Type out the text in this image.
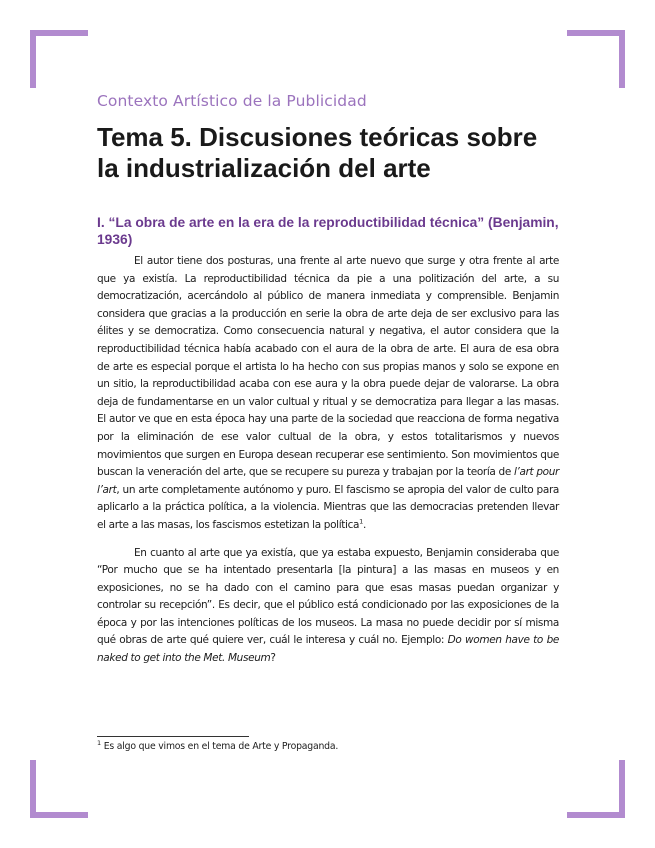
Contexto Artístico de la Publicidad

Tema 5. Discusiones teóricas sobre la industrialización del arte
I. “La obra de arte en la era de la reproductibilidad técnica” (Benjamin, 1936)

El autor tiene dos posturas, una frente al arte nuevo que surge y otra frente al arte que ya existía. La reproductibilidad técnica da pie a una politización del arte, a su democratización, acercándolo al público de manera inmediata y comprensible. Benjamin considera que gracias a la producción en serie la obra de arte deja de ser exclusivo para las élites y se democratiza. Como consecuencia natural y negativa, el autor considera que la reproductibilidad técnica había acabado con el aura de la obra de arte. El aura de esa obra de arte es especial porque el artista lo ha hecho con sus propias manos y solo se expone en un sitio, la reproductibilidad acaba con ese aura y la obra puede dejar de valorarse. La obra deja de fundamentarse en un valor cultual y ritual y se democratiza para llegar a las masas. El autor ve que en esta época hay una parte de la sociedad que reacciona de forma negativa por la eliminación de ese valor cultual de la obra, y estos totalitarismos y nuevos movimientos que surgen en Europa desean recuperar ese sentimiento. Son movimientos que buscan la veneración del arte, que se recupere su pureza y trabajan por la teoría de l’art pour l’art, un arte completamente autónomo y puro. El fascismo se apropia del valor de culto para aplicarlo a la práctica política, a la violencia. Mientras que las democracias pretenden llevar el arte a las masas, los fascismos estetizan la política$^1$.

En cuanto al arte que ya existía, que ya estaba expuesto, Benjamin consideraba que “Por mucho que se ha intentado presentarla [la pintura] a las masas en museos y en exposiciones, no se ha dado con el camino para que esas masas puedan organizar y controlar su recepción”. Es decir, que el público está condicionado por las exposiciones de la época y por las intenciones políticas de los museos. La masa no puede decidir por sí misma qué obras de arte qué quiere ver, cuál le interesa y cuál no. Ejemplo: Do women have to be naked to get into the Met. Museum?

$^1$ Es algo que vimos en el tema de Arte y Propaganda.
